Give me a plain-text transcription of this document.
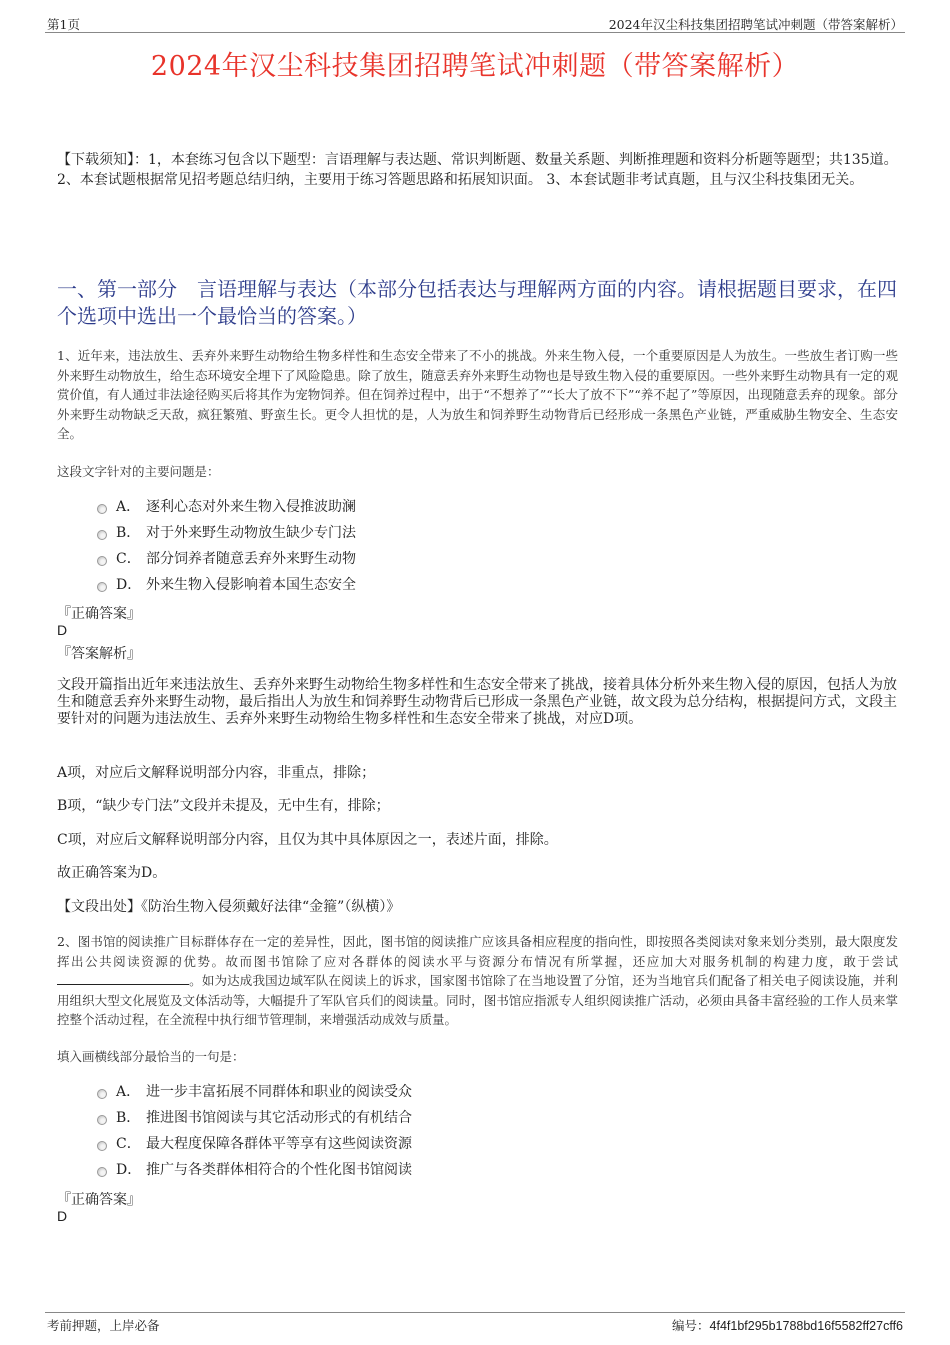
第1页	2024年汉尘科技集团招聘笔试冲刺题（带答案解析）
2024年汉尘科技集团招聘笔试冲刺题（带答案解析）
【下载须知】：1，本套练习包含以下题型：言语理解与表达题、常识判断题、数量关系题、判断推理题和资料分析题等题型；共135道。 2、本套试题根据常见招考题总结归纳，主要用于练习答题思路和拓展知识面。 3、本套试题非考试真题，且与汉尘科技集团无关。
一、第一部分　言语理解与表达（本部分包括表达与理解两方面的内容。请根据题目要求，在四个选项中选出一个最恰当的答案。）
1、近年来，违法放生、丢弃外来野生动物给生物多样性和生态安全带来了不小的挑战。外来生物入侵，一个重要原因是人为放生。一些放生者订购一些外来野生动物放生，给生态环境安全埋下了风险隐患。除了放生，随意丢弃外来野生动物也是导致生物入侵的重要原因。一些外来野生动物具有一定的观赏价值，有人通过非法途径购买后将其作为宠物饲养。但在饲养过程中，出于“不想养了”“长大了放不下”“养不起了”等原因，出现随意丢弃的现象。部分外来野生动物缺乏天敌，疯狂繁殖、野蛮生长。更令人担忧的是，人为放生和饲养野生动物背后已经形成一条黑色产业链，严重威胁生物安全、生态安全。
这段文字针对的主要问题是：
A． 逐利心态对外来生物入侵推波助澜
B． 对于外来野生动物放生缺少专门法
C． 部分饲养者随意丢弃外来野生动物
D． 外来生物入侵影响着本国生态安全
『正确答案』
D
『答案解析』
文段开篇指出近年来违法放生、丢弃外来野生动物给生物多样性和生态安全带来了挑战，接着具体分析外来生物入侵的原因，包括人为放生和随意丢弃外来野生动物，最后指出人为放生和饲养野生动物背后已形成一条黑色产业链，故文段为总分结构，根据提问方式，文段主要针对的问题为违法放生、丢弃外来野生动物给生物多样性和生态安全带来了挑战，对应D项。
A项，对应后文解释说明部分内容，非重点，排除；
B项，“缺少专门法”文段并未提及，无中生有，排除；
C项，对应后文解释说明部分内容，且仅为其中具体原因之一，表述片面，排除。
故正确答案为D。
【文段出处】《防治生物入侵须戴好法律“金箍”（纵横）》
2、图书馆的阅读推广目标群体存在一定的差异性，因此，图书馆的阅读推广应该具备相应程度的指向性，即按照各类阅读对象来划分类别，最大限度发挥出公共阅读资源的优势。故而图书馆除了应对各群体的阅读水平与资源分布情况有所掌握，还应加大对服务机制的构建力度，敢于尝试。如为达成我国边域军队在阅读上的诉求，国家图书馆除了在当地设置了分馆，还为当地官兵们配备了相关电子阅读设施，并利用组织大型文化展览及文体活动等，大幅提升了军队官兵们的阅读量。同时，图书馆应指派专人组织阅读推广活动，必须由具备丰富经验的工作人员来掌控整个活动过程，在全流程中执行细节管理制，来增强活动成效与质量。
填入画横线部分最恰当的一句是：
A． 进一步丰富拓展不同群体和职业的阅读受众
B． 推进图书馆阅读与其它活动形式的有机结合
C． 最大程度保障各群体平等享有这些阅读资源
D． 推广与各类群体相符合的个性化图书馆阅读
『正确答案』
D
考前押题，上岸必备	编号：4f4f1bf295b1788bd16f5582ff27cff6
